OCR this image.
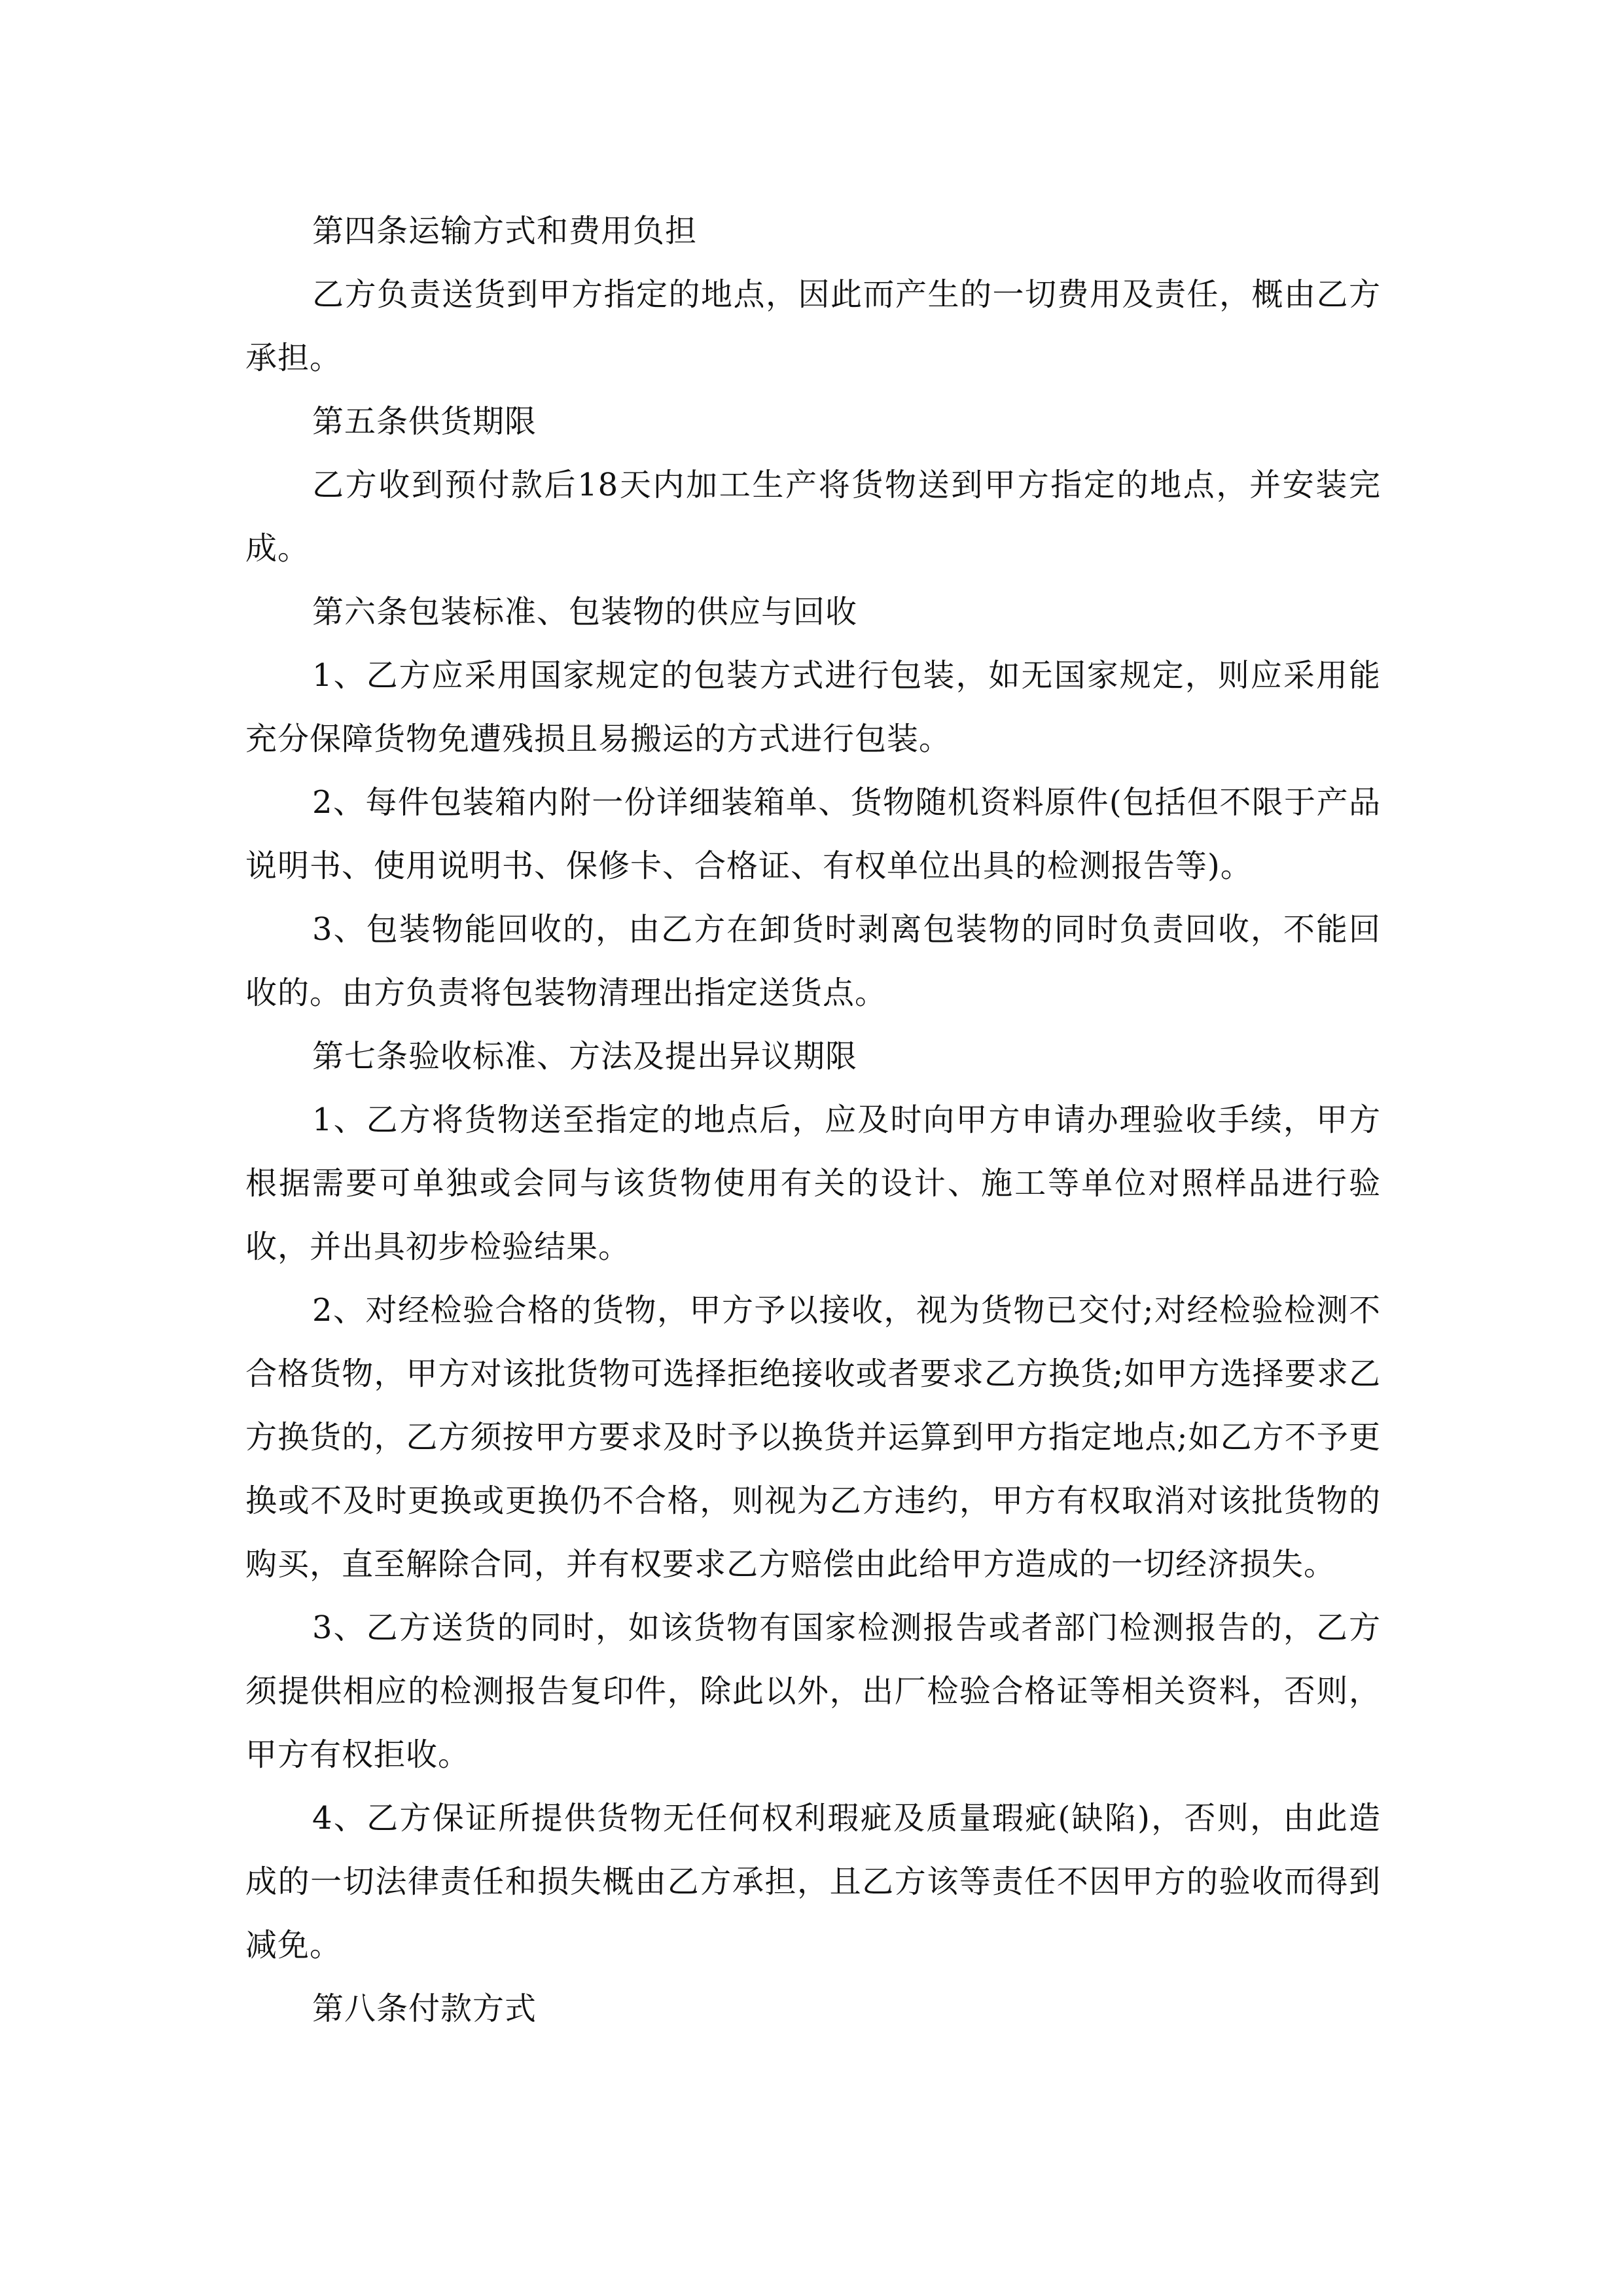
第四条运输方式和费用负担

乙方负责送货到甲方指定的地点，因此而产生的一切费用及责任，概由乙方承担。

第五条供货期限

乙方收到预付款后18天内加工生产将货物送到甲方指定的地点，并安装完成。

第六条包装标准、包装物的供应与回收

1、乙方应采用国家规定的包装方式进行包装，如无国家规定，则应采用能充分保障货物免遭残损且易搬运的方式进行包装。

2、每件包装箱内附一份详细装箱单、货物随机资料原件(包括但不限于产品说明书、使用说明书、保修卡、合格证、有权单位出具的检测报告等)。

3、包装物能回收的，由乙方在卸货时剥离包装物的同时负责回收，不能回收的。由方负责将包装物清理出指定送货点。

第七条验收标准、方法及提出异议期限

1、乙方将货物送至指定的地点后，应及时向甲方申请办理验收手续，甲方根据需要可单独或会同与该货物使用有关的设计、施工等单位对照样品进行验收，并出具初步检验结果。

2、对经检验合格的货物，甲方予以接收，视为货物已交付;对经检验检测不合格货物，甲方对该批货物可选择拒绝接收或者要求乙方换货;如甲方选择要求乙方换货的，乙方须按甲方要求及时予以换货并运算到甲方指定地点;如乙方不予更换或不及时更换或更换仍不合格，则视为乙方违约，甲方有权取消对该批货物的购买，直至解除合同，并有权要求乙方赔偿由此给甲方造成的一切经济损失。

3、乙方送货的同时，如该货物有国家检测报告或者部门检测报告的，乙方须提供相应的检测报告复印件，除此以外，出厂检验合格证等相关资料，否则，甲方有权拒收。

4、乙方保证所提供货物无任何权利瑕疵及质量瑕疵(缺陷)，否则，由此造成的一切法律责任和损失概由乙方承担，且乙方该等责任不因甲方的验收而得到减免。

第八条付款方式
